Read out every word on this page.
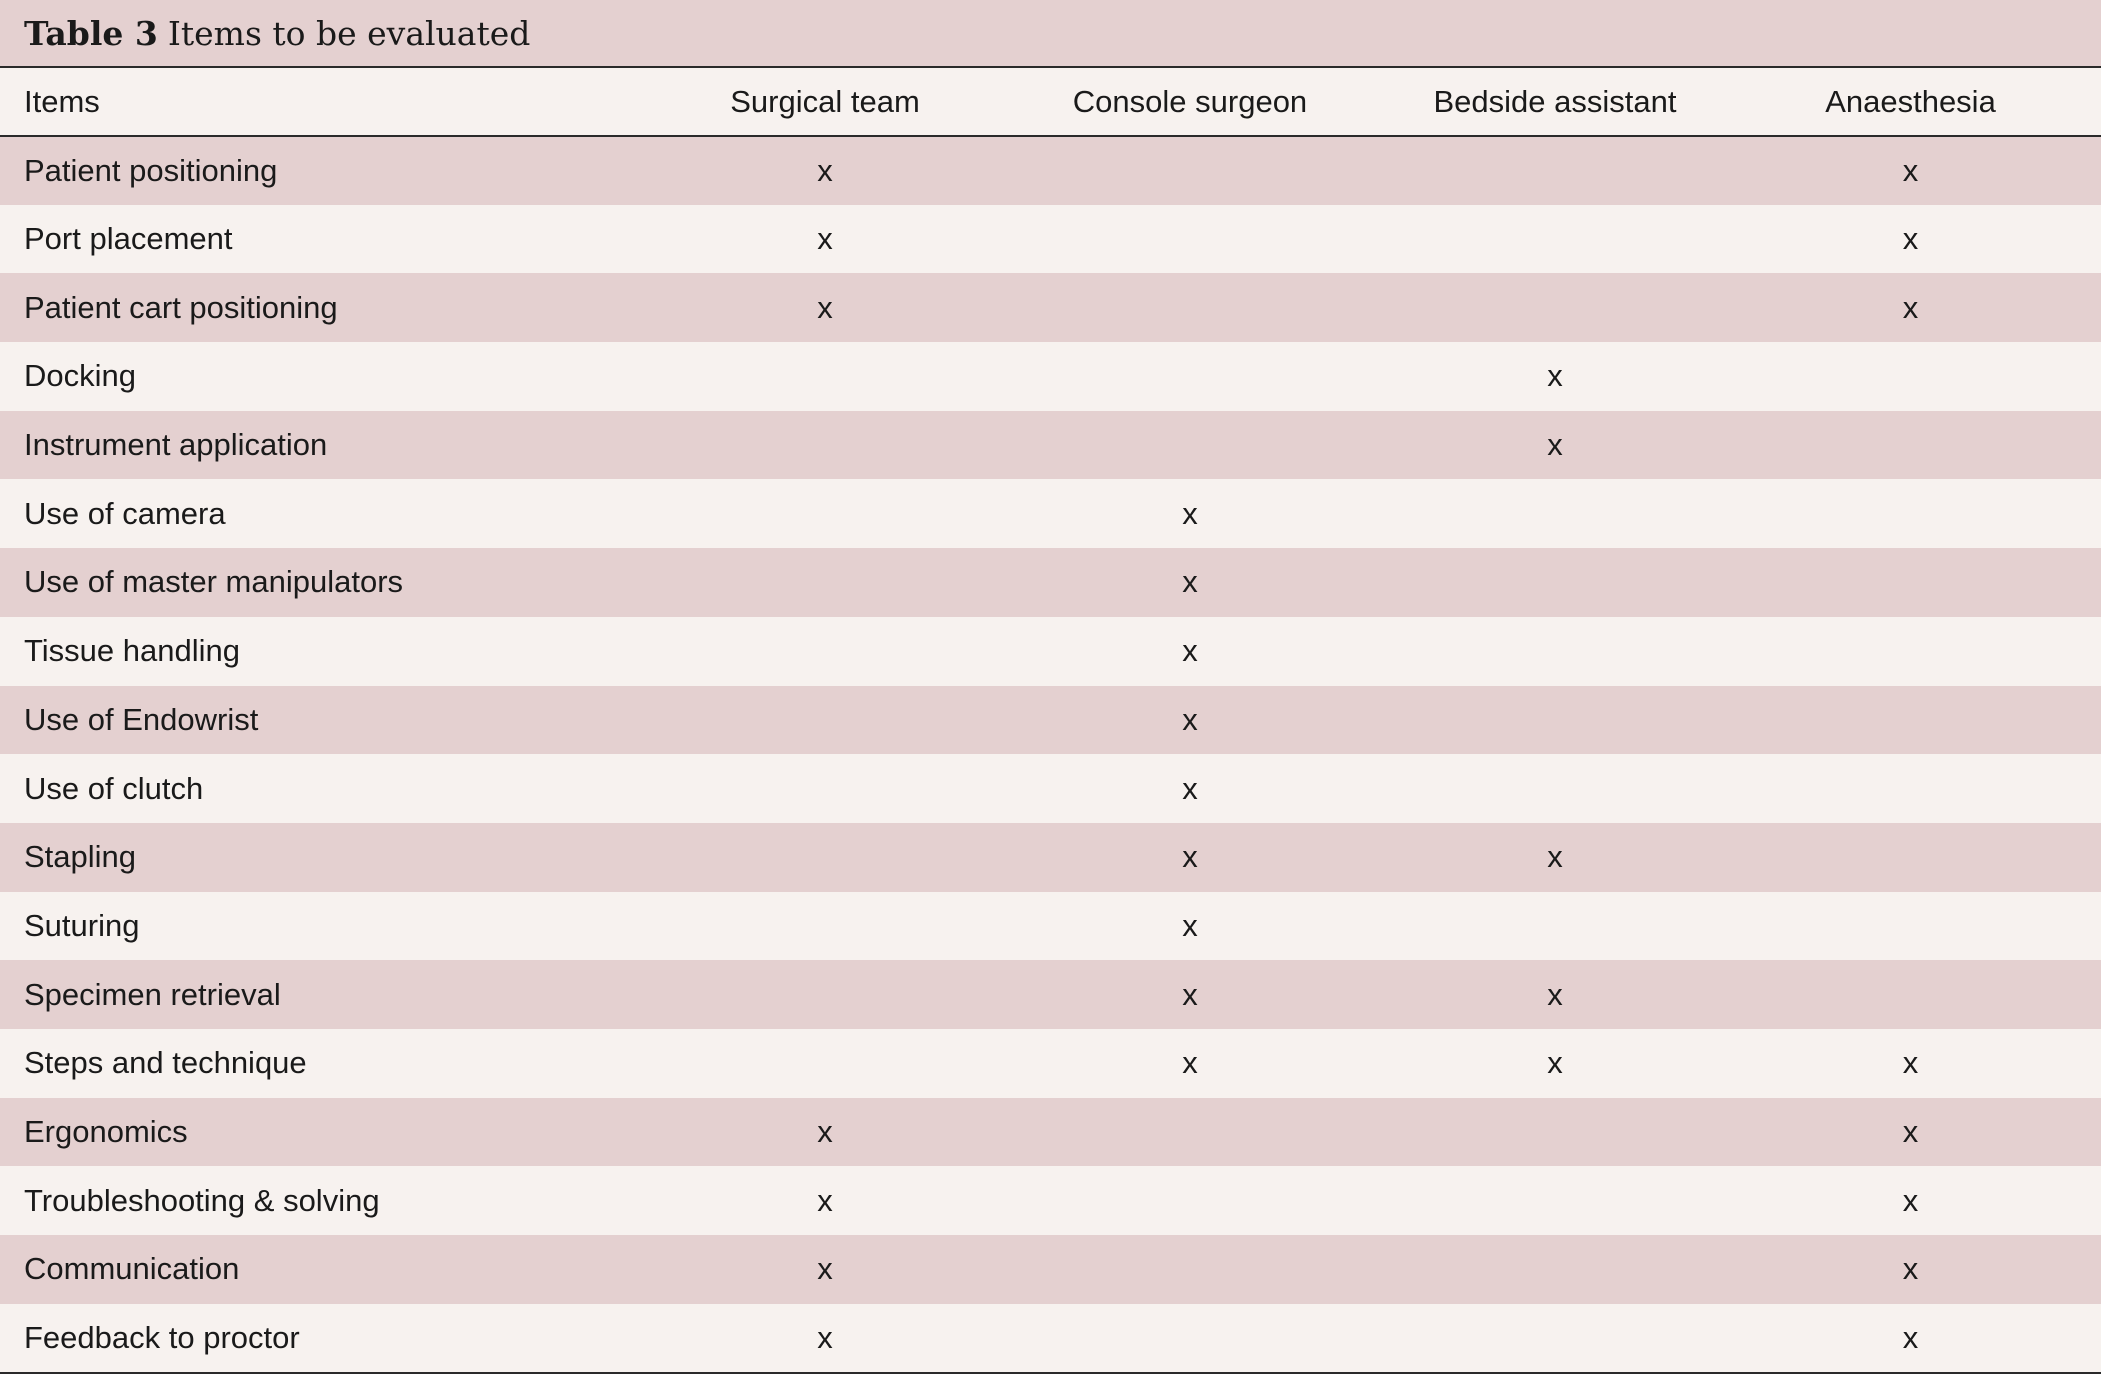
Table 3 Items to be evaluated
Items	Surgical team	Console surgeon	Bedside assistant	Anaesthesia
Patient positioning	x			x
Port placement	x			x
Patient cart positioning	x			x
Docking			x	
Instrument application			x	
Use of camera		x		
Use of master manipulators		x		
Tissue handling		x		
Use of Endowrist		x		
Use of clutch		x		
Stapling		x	x	
Suturing		x		
Specimen retrieval		x	x	
Steps and technique		x	x	x
Ergonomics	x			x
Troubleshooting & solving	x			x
Communication	x			x
Feedback to proctor	x			x
